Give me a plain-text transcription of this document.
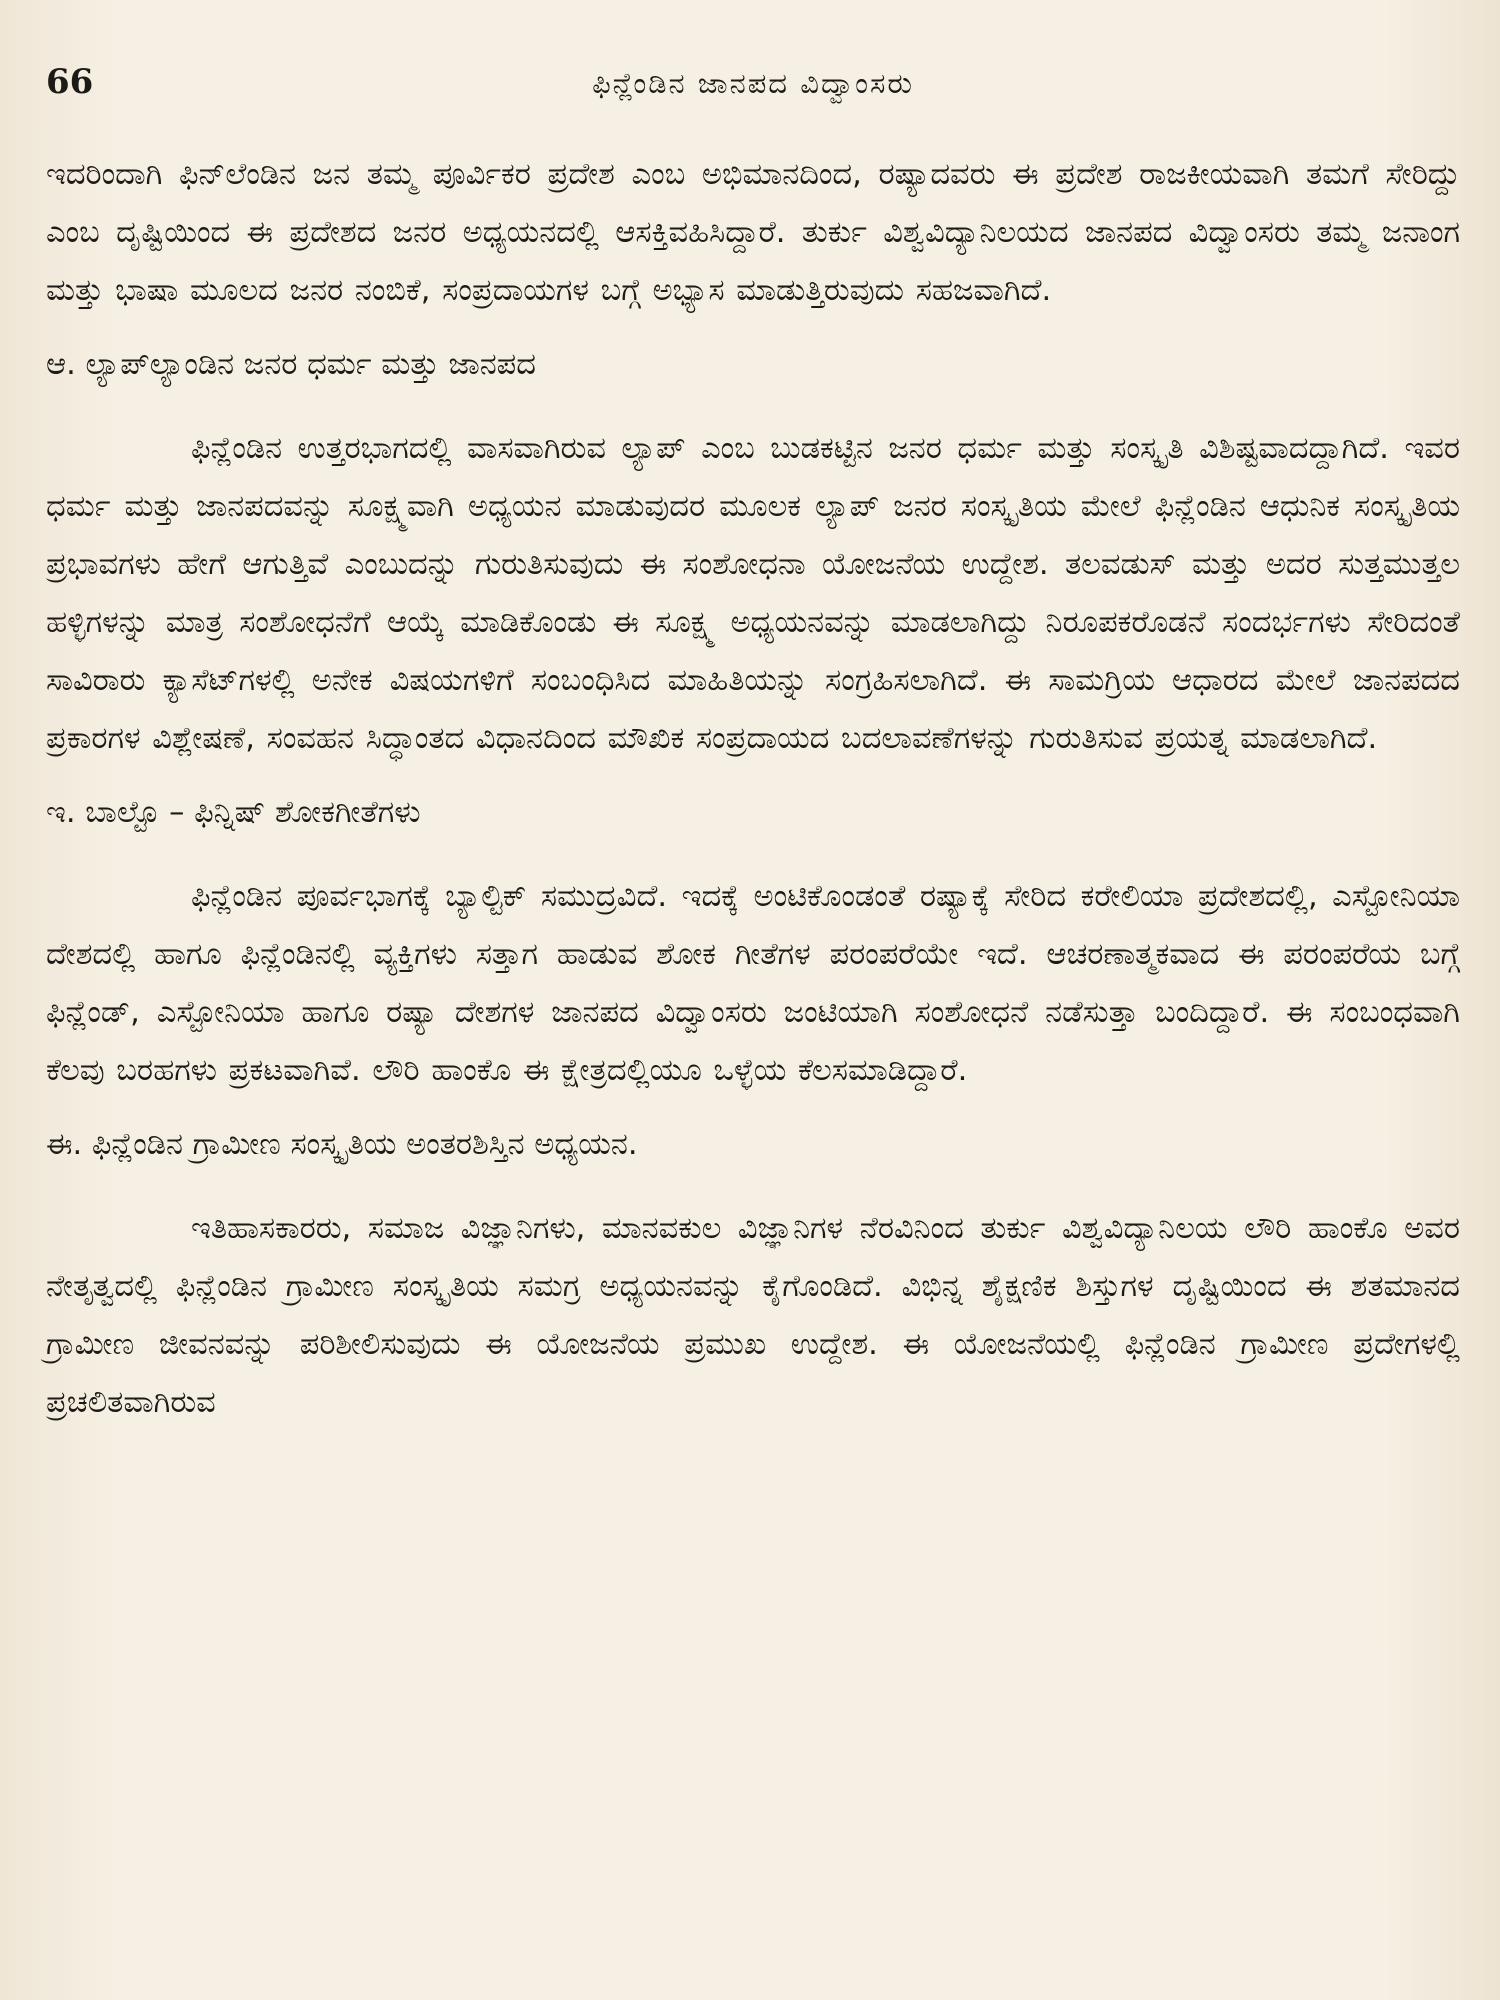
66	ಫಿನ್ಲೆಂಡಿನ ಜಾನಪದ ವಿದ್ವಾಂಸರು

ಇದರಿಂದಾಗಿ ಫಿನ್‌ಲೆಂಡಿನ ಜನ ತಮ್ಮ ಪೂರ್ವಿಕರ ಪ್ರದೇಶ ಎಂಬ ಅಭಿಮಾನದಿಂದ, ರಷ್ಯಾದವರು ಈ ಪ್ರದೇಶ ರಾಜಕೀಯವಾಗಿ ತಮಗೆ ಸೇರಿದ್ದು ಎಂಬ ದೃಷ್ಟಿಯಿಂದ ಈ ಪ್ರದೇಶದ ಜನರ ಅಧ್ಯಯನದಲ್ಲಿ ಆಸಕ್ತಿವಹಿಸಿದ್ದಾರೆ. ತುರ್ಕು ವಿಶ್ವವಿದ್ಯಾನಿಲಯದ ಜಾನಪದ ವಿದ್ವಾಂಸರು ತಮ್ಮ ಜನಾಂಗ ಮತ್ತು ಭಾಷಾ ಮೂಲದ ಜನರ ನಂಬಿಕೆ, ಸಂಪ್ರದಾಯಗಳ ಬಗ್ಗೆ ಅಭ್ಯಾಸ ಮಾಡುತ್ತಿರುವುದು ಸಹಜವಾಗಿದೆ.

ಆ. ಲ್ಯಾಪ್‌ಲ್ಯಾಂಡಿನ ಜನರ ಧರ್ಮ ಮತ್ತು ಜಾನಪದ

ಫಿನ್ಲೆಂಡಿನ ಉತ್ತರಭಾಗದಲ್ಲಿ ವಾಸವಾಗಿರುವ ಲ್ಯಾಪ್ ಎಂಬ ಬುಡಕಟ್ಟಿನ ಜನರ ಧರ್ಮ ಮತ್ತು ಸಂಸ್ಕೃತಿ ವಿಶಿಷ್ಟವಾದದ್ದಾಗಿದೆ. ಇವರ ಧರ್ಮ ಮತ್ತು ಜಾನಪದವನ್ನು ಸೂಕ್ಷ್ಮವಾಗಿ ಅಧ್ಯಯನ ಮಾಡುವುದರ ಮೂಲಕ ಲ್ಯಾಪ್ ಜನರ ಸಂಸ್ಕೃತಿಯ ಮೇಲೆ ಫಿನ್ಲೆಂಡಿನ ಆಧುನಿಕ ಸಂಸ್ಕೃತಿಯ ಪ್ರಭಾವಗಳು ಹೇಗೆ ಆಗುತ್ತಿವೆ ಎಂಬುದನ್ನು ಗುರುತಿಸುವುದು ಈ ಸಂಶೋಧನಾ ಯೋಜನೆಯ ಉದ್ದೇಶ. ತಲವಡುಸ್ ಮತ್ತು ಅದರ ಸುತ್ತಮುತ್ತಲ ಹಳ್ಳಿಗಳನ್ನು ಮಾತ್ರ ಸಂಶೋಧನೆಗೆ ಆಯ್ಕೆ ಮಾಡಿಕೊಂಡು ಈ ಸೂಕ್ಷ್ಮ ಅಧ್ಯಯನವನ್ನು ಮಾಡಲಾಗಿದ್ದು ನಿರೂಪಕರೊಡನೆ ಸಂದರ್ಭಗಳು ಸೇರಿದಂತೆ ಸಾವಿರಾರು ಕ್ಯಾಸೆಟ್‌ಗಳಲ್ಲಿ ಅನೇಕ ವಿಷಯಗಳಿಗೆ ಸಂಬಂಧಿಸಿದ ಮಾಹಿತಿಯನ್ನು ಸಂಗ್ರಹಿಸಲಾಗಿದೆ. ಈ ಸಾಮಗ್ರಿಯ ಆಧಾರದ ಮೇಲೆ ಜಾನಪದದ ಪ್ರಕಾರಗಳ ವಿಶ್ಲೇಷಣೆ, ಸಂವಹನ ಸಿದ್ಧಾಂತದ ವಿಧಾನದಿಂದ ಮೌಖಿಕ ಸಂಪ್ರದಾಯದ ಬದಲಾವಣೆಗಳನ್ನು ಗುರುತಿಸುವ ಪ್ರಯತ್ನ ಮಾಡಲಾಗಿದೆ.

ಇ. ಬಾಲ್ಟೊ – ಫಿನ್ನಿಷ್ ಶೋಕಗೀತೆಗಳು

ಫಿನ್ಲೆಂಡಿನ ಪೂರ್ವಭಾಗಕ್ಕೆ ಬ್ಯಾಲ್ಟಿಕ್ ಸಮುದ್ರವಿದೆ. ಇದಕ್ಕೆ ಅಂಟಿಕೊಂಡಂತೆ ರಷ್ಯಾಕ್ಕೆ ಸೇರಿದ ಕರೇಲಿಯಾ ಪ್ರದೇಶದಲ್ಲಿ, ಎಸ್ಟೋನಿಯಾ ದೇಶದಲ್ಲಿ ಹಾಗೂ ಫಿನ್ಲೆಂಡಿನಲ್ಲಿ ವ್ಯಕ್ತಿಗಳು ಸತ್ತಾಗ ಹಾಡುವ ಶೋಕ ಗೀತೆಗಳ ಪರಂಪರೆಯೇ ಇದೆ. ಆಚರಣಾತ್ಮಕವಾದ ಈ ಪರಂಪರೆಯ ಬಗ್ಗೆ ಫಿನ್ಲೆಂಡ್, ಎಸ್ಟೋನಿಯಾ ಹಾಗೂ ರಷ್ಯಾ ದೇಶಗಳ ಜಾನಪದ ವಿದ್ವಾಂಸರು ಜಂಟಿಯಾಗಿ ಸಂಶೋಧನೆ ನಡೆಸುತ್ತಾ ಬಂದಿದ್ದಾರೆ. ಈ ಸಂಬಂಧವಾಗಿ ಕೆಲವು ಬರಹಗಳು ಪ್ರಕಟವಾಗಿವೆ. ಲೌರಿ ಹಾಂಕೊ ಈ ಕ್ಷೇತ್ರದಲ್ಲಿಯೂ ಒಳ್ಳೆಯ ಕೆಲಸಮಾಡಿದ್ದಾರೆ.

ಈ. ಫಿನ್ಲೆಂಡಿನ ಗ್ರಾಮೀಣ ಸಂಸ್ಕೃತಿಯ ಅಂತರಶಿಸ್ತಿನ ಅಧ್ಯಯನ.

ಇತಿಹಾಸಕಾರರು, ಸಮಾಜ ವಿಜ್ಞಾನಿಗಳು, ಮಾನವಕುಲ ವಿಜ್ಞಾನಿಗಳ ನೆರವಿನಿಂದ ತುರ್ಕು ವಿಶ್ವವಿದ್ಯಾನಿಲಯ ಲೌರಿ ಹಾಂಕೊ ಅವರ ನೇತೃತ್ವದಲ್ಲಿ ಫಿನ್ಲೆಂಡಿನ ಗ್ರಾಮೀಣ ಸಂಸ್ಕೃತಿಯ ಸಮಗ್ರ ಅಧ್ಯಯನವನ್ನು ಕೈಗೊಂಡಿದೆ. ವಿಭಿನ್ನ ಶೈಕ್ಷಣಿಕ ಶಿಸ್ತುಗಳ ದೃಷ್ಟಿಯಿಂದ ಈ ಶತಮಾನದ ಗ್ರಾಮೀಣ ಜೀವನವನ್ನು ಪರಿಶೀಲಿಸುವುದು ಈ ಯೋಜನೆಯ ಪ್ರಮುಖ ಉದ್ದೇಶ. ಈ ಯೋಜನೆಯಲ್ಲಿ ಫಿನ್ಲೆಂಡಿನ ಗ್ರಾಮೀಣ ಪ್ರದೇಗಳಲ್ಲಿ ಪ್ರಚಲಿತವಾಗಿರುವ
